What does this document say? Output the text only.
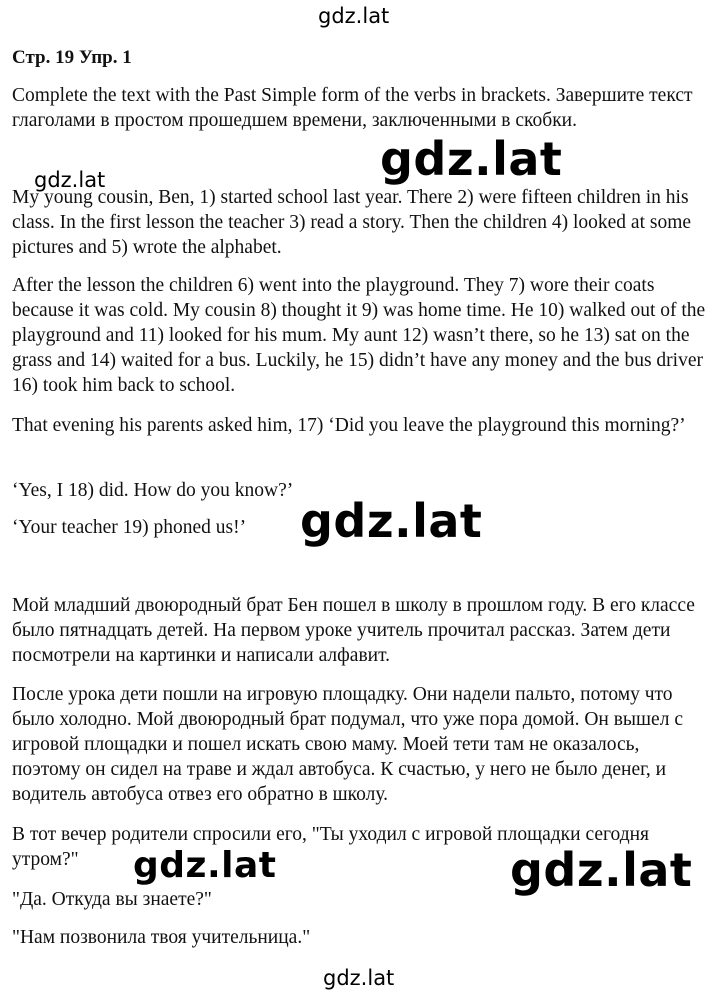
gdz.lat
gdz.lat
gdz.lat
gdz.lat
gdz.lat	gdz.lat
gdz.lat
Стр. 19 Упр. 1

Complete the text with the Past Simple form of the verbs in brackets. Завершите текст глаголами в простом прошедшем времени, заключенными в скобки.

My young cousin, Ben, 1) started school last year. There 2) were fifteen children in his class. In the first lesson the teacher 3) read a story. Then the children 4) looked at some pictures and 5) wrote the alphabet.

After the lesson the children 6) went into the playground. They 7) wore their coats because it was cold. My cousin 8) thought it 9) was home time. He 10) walked out of the playground and 11) looked for his mum. My aunt 12) wasn’t there, so he 13) sat on the grass and 14) waited for a bus. Luckily, he 15) didn’t have any money and the bus driver 16) took him back to school.

That evening his parents asked him, 17) ‘Did you leave the playground this morning?’

‘Yes, I 18) did. How do you know?’

‘Your teacher 19) phoned us!’

Мой младший двоюродный брат Бен пошел в школу в прошлом году. В его классе было пятнадцать детей. На первом уроке учитель прочитал рассказ. Затем дети посмотрели на картинки и написали алфавит.

После урока дети пошли на игровую площадку. Они надели пальто, потому что было холодно. Мой двоюродный брат подумал, что уже пора домой. Он вышел с игровой площадки и пошел искать свою маму. Моей тети там не оказалось, поэтому он сидел на траве и ждал автобуса. К счастью, у него не было денег, и водитель автобуса отвез его обратно в школу.

В тот вечер родители спросили его, "Ты уходил с игровой площадки сегодня утром?"

"Да. Откуда вы знаете?"

"Нам позвонила твоя учительница."
